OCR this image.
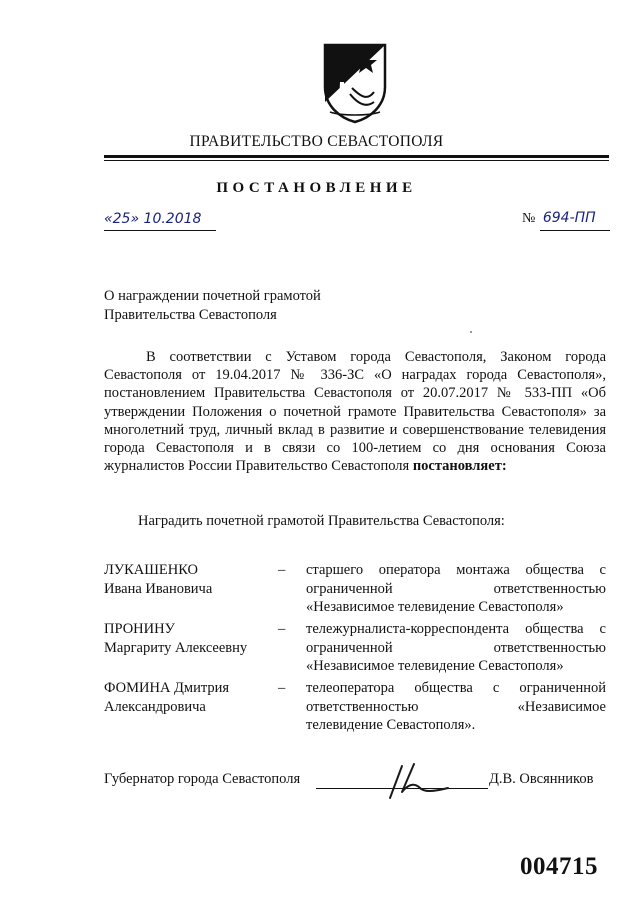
ПРАВИТЕЛЬСТВО СЕВАСТОПОЛЯ
ПОСТАНОВЛЕНИЕ
«25» 10.2018	№ 694-ПП
О награждении почетной грамотой
Правительства Севастополя

В соответствии с Уставом города Севастополя, Законом города Севастополя от 19.04.2017 № 336-ЗС «О наградах города Севастополя», постановлением Правительства Севастополя от 20.07.2017 № 533-ПП «Об утверждении Положения о почетной грамоте Правительства Севастополя» за многолетний труд, личный вклад в развитие и совершенствование телевидения города Севастополя и в связи со 100-летием со дня основания Союза журналистов России Правительство Севастополя постановляет:

Наградить почетной грамотой Правительства Севастополя:
ЛУКАШЕНКО
Ивана Ивановича
– старшего оператора монтажа общества с ограниченной ответственностью
«Независимое телевидение Севастополя»
ПРОНИНУ
Маргариту Алексеевну
– тележурналиста-корреспондента общества с ограниченной ответственностью
«Независимое телевидение Севастополя»
ФОМИНА Дмитрия
Александровича
– телеоператора общества с ограниченной ответственностью «Независимое
телевидение Севастополя».
Губернатор города Севастополя	Д.В. Овсянников
004715
